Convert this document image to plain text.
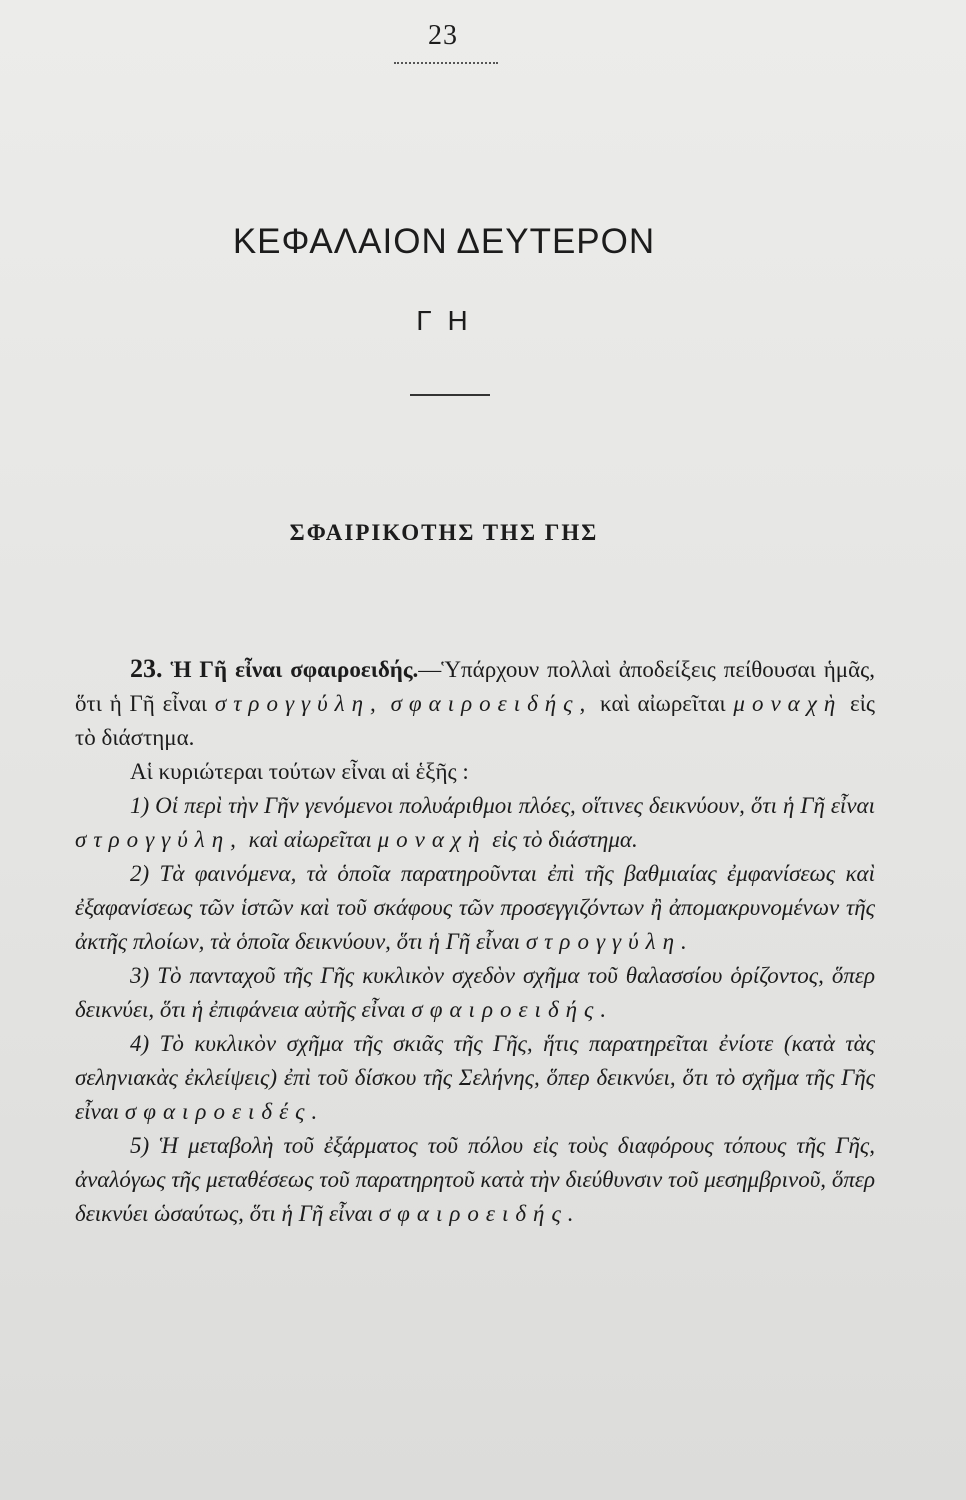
23
ΚΕΦΑΛΑΙΟΝ ΔΕΥΤΕΡΟΝ
Γ Η
ΣΦΑΙΡΙΚΟΤΗΣ ΤΗΣ ΓΗΣ

23. Ἡ Γῆ εἶναι σφαιροειδής.—Ὑπάρχουν πολλαὶ ἀποδείξεις πείθουσαι ἡμᾶς, ὅτι ἡ Γῆ εἶναι στρογγύλη, σφαιροειδής, καὶ αἰωρεῖται μοναχὴ εἰς τὸ διάστημα.

Αἱ κυριώτεραι τούτων εἶναι αἱ ἑξῆς :

1) Οἱ περὶ τὴν Γῆν γενόμενοι πολυάριθμοι πλόες, οἵτινες δεικνύουν, ὅτι ἡ Γῆ εἶναι στρογγύλη, καὶ αἰωρεῖται μοναχὴ εἰς τὸ διάστημα.

2) Τὰ φαινόμενα, τὰ ὁποῖα παρατηροῦνται ἐπὶ τῆς βαθμιαίας ἐμφανίσεως καὶ ἐξαφανίσεως τῶν ἱστῶν καὶ τοῦ σκάφους τῶν προσεγγιζόντων ἢ ἀπομακρυνομένων τῆς ἀκτῆς πλοίων, τὰ ὁποῖα δεικνύουν, ὅτι ἡ Γῆ εἶναι στρογγύλη.

3) Τὸ πανταχοῦ τῆς Γῆς κυκλικὸν σχεδὸν σχῆμα τοῦ θαλασσίου ὁρίζοντος, ὅπερ δεικνύει, ὅτι ἡ ἐπιφάνεια αὐτῆς εἶναι σφαιροειδής.

4) Τὸ κυκλικὸν σχῆμα τῆς σκιᾶς τῆς Γῆς, ἥτις παρατηρεῖται ἐνίοτε (κατὰ τὰς σεληνιακὰς ἐκλείψεις) ἐπὶ τοῦ δίσκου τῆς Σελήνης, ὅπερ δεικνύει, ὅτι τὸ σχῆμα τῆς Γῆς εἶναι σφαιροειδές.

5) Ἡ μεταβολὴ τοῦ ἐξάρματος τοῦ πόλου εἰς τοὺς διαφόρους τόπους τῆς Γῆς, ἀναλόγως τῆς μεταθέσεως τοῦ παρατηρητοῦ κατὰ τὴν διεύθυνσιν τοῦ μεσημβρινοῦ, ὅπερ δεικνύει ὡσαύτως, ὅτι ἡ Γῆ εἶναι σφαιροειδής.
